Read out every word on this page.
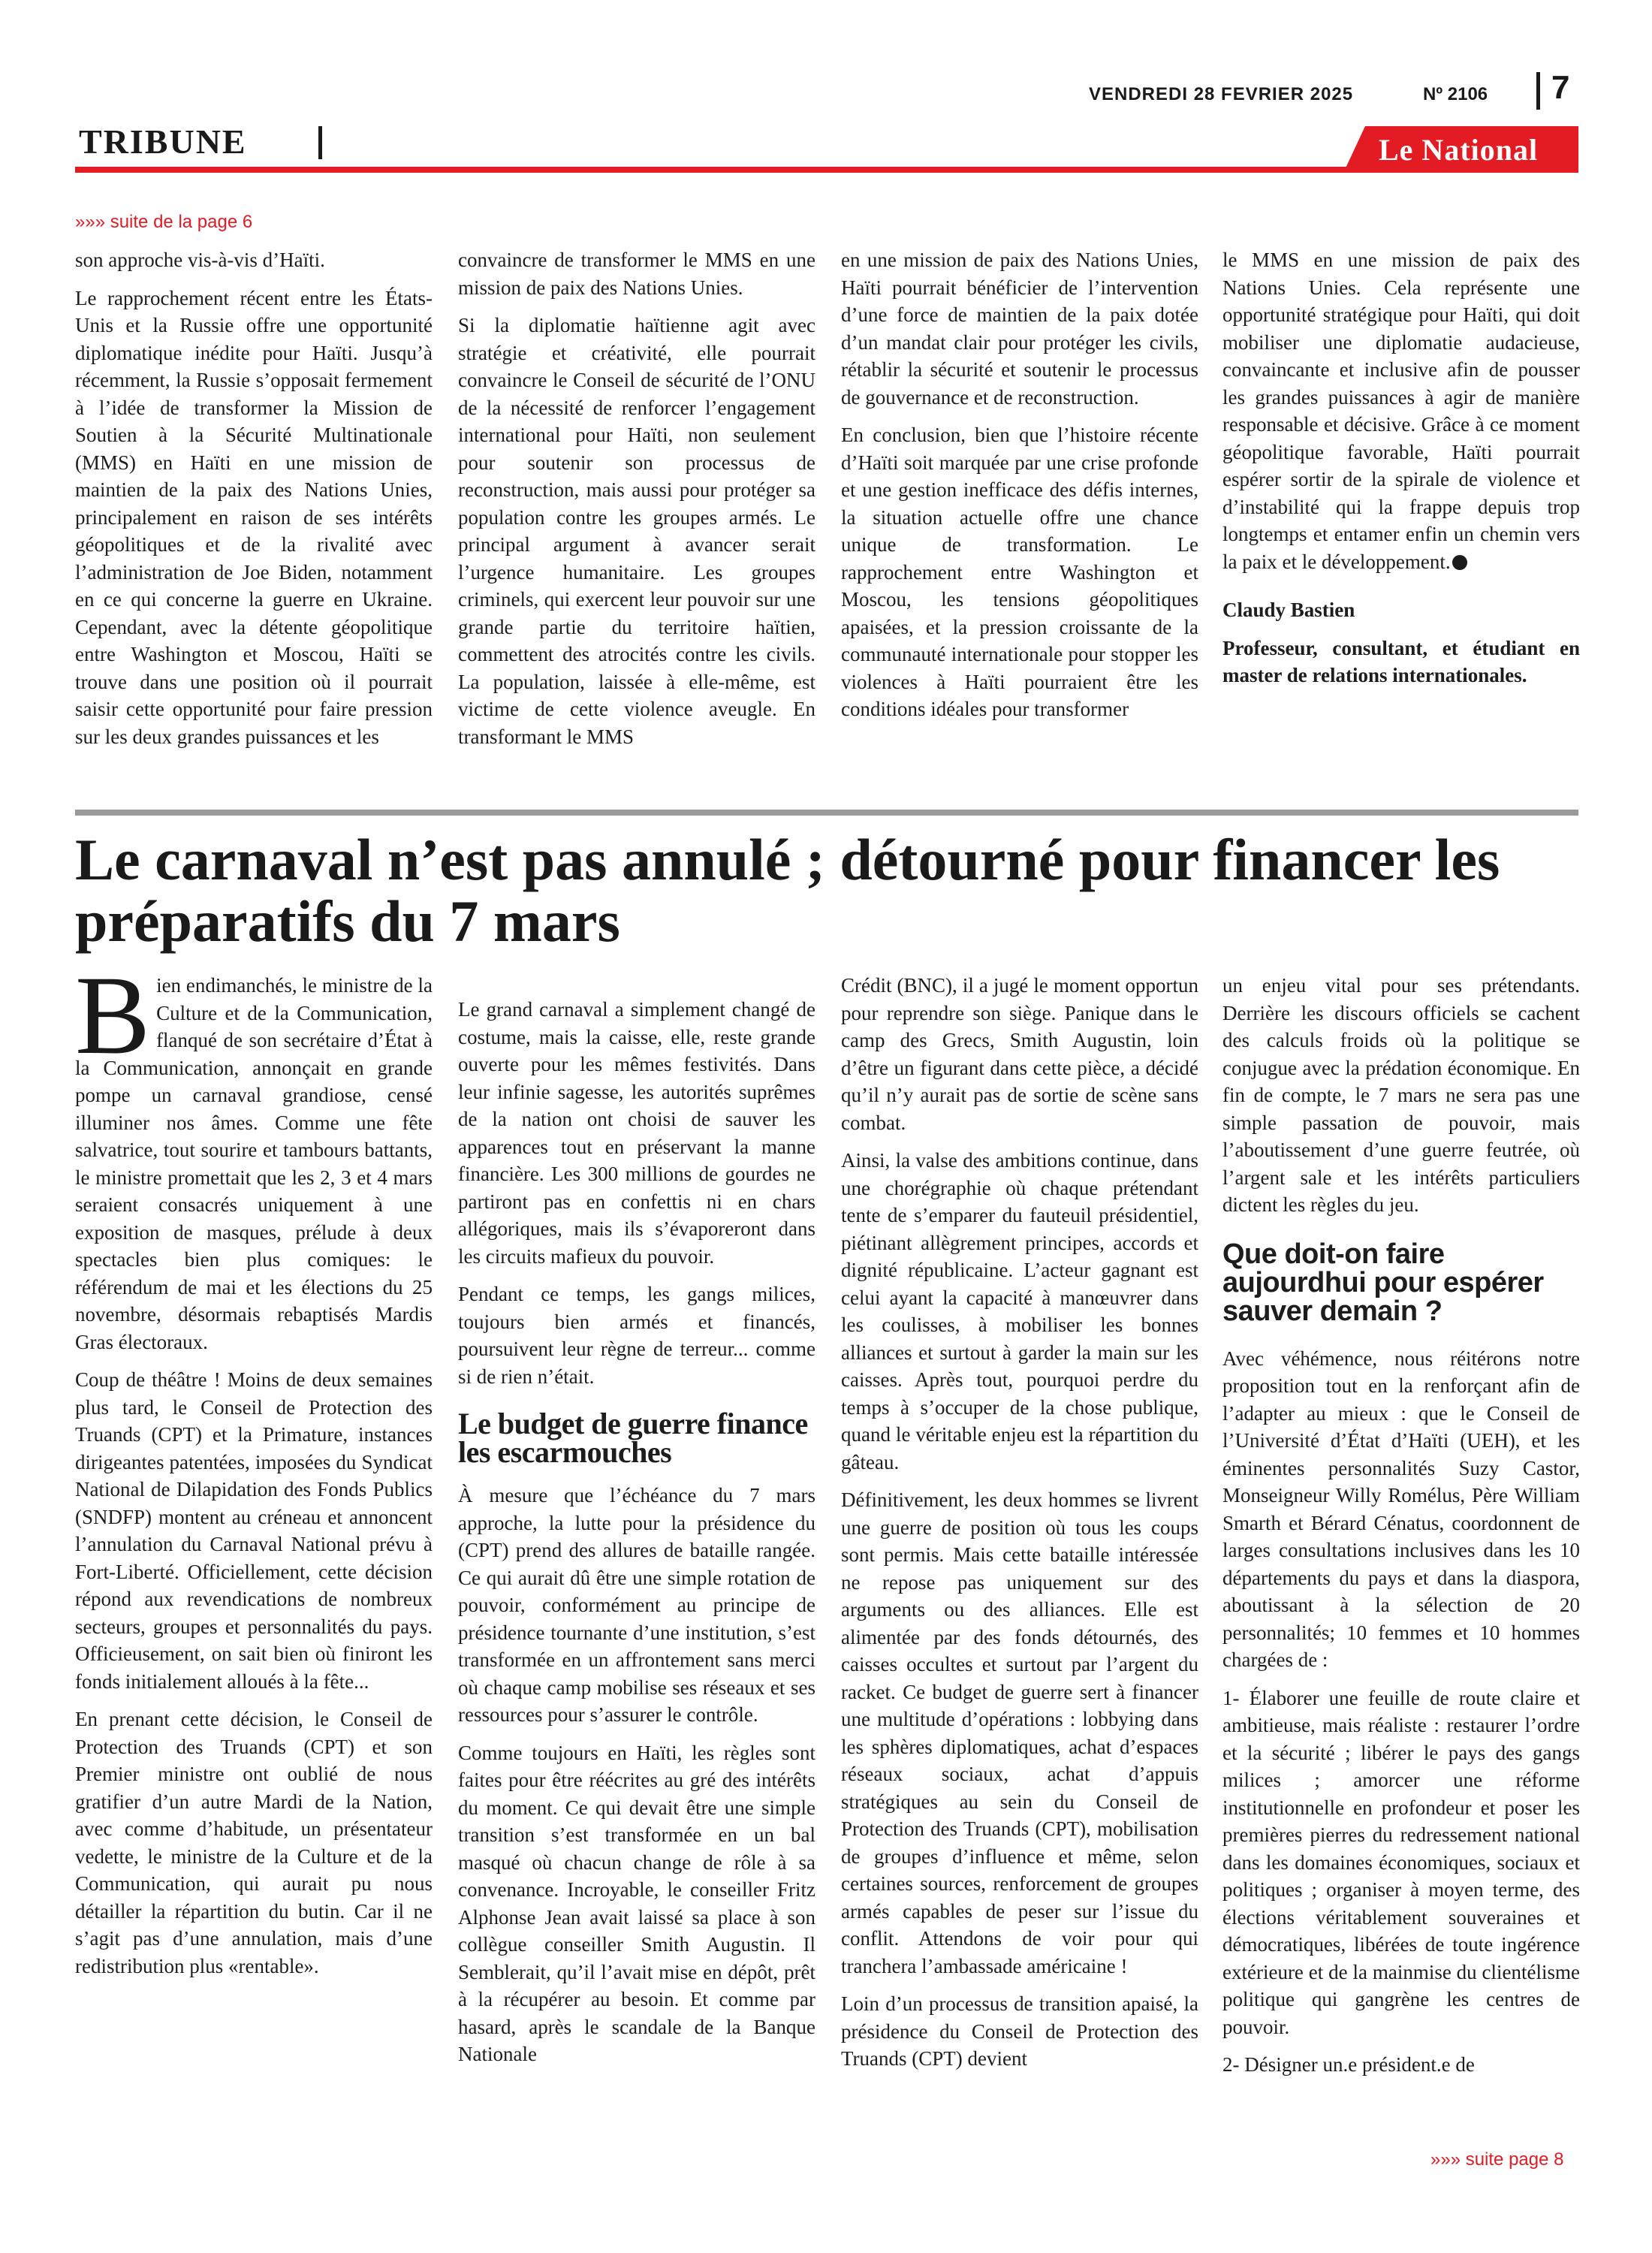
VENDREDI 28 FEVRIER 2025	Nº 2106 7
TRIBUNE	Le National
»»» suite de la page 6

son approche vis-à-vis d’Haïti.

Le rapprochement récent entre les États-Unis et la Russie offre une opportunité diplomatique inédite pour Haïti. Jusqu’à récemment, la Russie s’opposait fermement à l’idée de transformer la Mission de Soutien à la Sécurité Multinationale (MMS) en Haïti en une mission de maintien de la paix des Nations Unies, principalement en raison de ses intérêts géopolitiques et de la rivalité avec l’administration de Joe Biden, notamment en ce qui concerne la guerre en Ukraine. Cependant, avec la détente géopolitique entre Washington et Moscou, Haïti se trouve dans une position où il pourrait saisir cette opportunité pour faire pression sur les deux grandes puissances et les

convaincre de transformer le MMS en une mission de paix des Nations Unies.

Si la diplomatie haïtienne agit avec stratégie et créativité, elle pourrait convaincre le Conseil de sécurité de l’ONU de la nécessité de renforcer l’engagement international pour Haïti, non seulement pour soutenir son processus de reconstruction, mais aussi pour protéger sa population contre les groupes armés. Le principal argument à avancer serait l’urgence humanitaire. Les groupes criminels, qui exercent leur pouvoir sur une grande partie du territoire haïtien, commettent des atrocités contre les civils. La population, laissée à elle-même, est victime de cette violence aveugle. En transformant le MMS

en une mission de paix des Nations Unies, Haïti pourrait bénéficier de l’intervention d’une force de maintien de la paix dotée d’un mandat clair pour protéger les civils, rétablir la sécurité et soutenir le processus de gouvernance et de reconstruction.

En conclusion, bien que l’histoire récente d’Haïti soit marquée par une crise profonde et une gestion inefficace des défis internes, la situation actuelle offre une chance unique de transformation. Le rapprochement entre Washington et Moscou, les tensions géopolitiques apaisées, et la pression croissante de la communauté internationale pour stopper les violences à Haïti pourraient être les conditions idéales pour transformer

le MMS en une mission de paix des Nations Unies. Cela représente une opportunité stratégique pour Haïti, qui doit mobiliser une diplomatie audacieuse, convaincante et inclusive afin de pousser les grandes puissances à agir de manière responsable et décisive. Grâce à ce moment géopolitique favorable, Haïti pourrait espérer sortir de la spirale de violence et d’instabilité qui la frappe depuis trop longtemps et entamer enfin un chemin vers la paix et le développement.

Claudy Bastien

Professeur, consultant, et étudiant en master de relations internationales.

Le carnaval n’est pas annulé ; détourné pour financer les préparatifs du 7 mars

Bien endimanchés, le ministre de la Culture et de la Communication, flanqué de son secrétaire d’État à la Communication, annonçait en grande pompe un carnaval grandiose, censé illuminer nos âmes. Comme une fête salvatrice, tout sourire et tambours battants, le ministre promettait que les 2, 3 et 4 mars seraient consacrés uniquement à une exposition de masques, prélude à deux spectacles bien plus comiques: le référendum de mai et les élections du 25 novembre, désormais rebaptisés Mardis Gras électoraux.

Coup de théâtre ! Moins de deux semaines plus tard, le Conseil de Protection des Truands (CPT) et la Primature, instances dirigeantes patentées, imposées du Syndicat National de Dilapidation des Fonds Publics (SNDFP) montent au créneau et annoncent l’annulation du Carnaval National prévu à Fort-Liberté. Officiellement, cette décision répond aux revendications de nombreux secteurs, groupes et personnalités du pays. Officieusement, on sait bien où finiront les fonds initialement alloués à la fête...

En prenant cette décision, le Conseil de Protection des Truands (CPT) et son Premier ministre ont oublié de nous gratifier d’un autre Mardi de la Nation, avec comme d’habitude, un présentateur vedette, le ministre de la Culture et de la Communication, qui aurait pu nous détailler la répartition du butin. Car il ne s’agit pas d’une annulation, mais d’une redistribution plus «rentable».

Le grand carnaval a simplement changé de costume, mais la caisse, elle, reste grande ouverte pour les mêmes festivités. Dans leur infinie sagesse, les autorités suprêmes de la nation ont choisi de sauver les apparences tout en préservant la manne financière. Les 300 millions de gourdes ne partiront pas en confettis ni en chars allégoriques, mais ils s’évaporeront dans les circuits mafieux du pouvoir.

Pendant ce temps, les gangs milices, toujours bien armés et financés, poursuivent leur règne de terreur... comme si de rien n’était.

Le budget de guerre finance les escarmouches

À mesure que l’échéance du 7 mars approche, la lutte pour la présidence du (CPT) prend des allures de bataille rangée. Ce qui aurait dû être une simple rotation de pouvoir, conformément au principe de présidence tournante d’une institution, s’est transformée en un affrontement sans merci où chaque camp mobilise ses réseaux et ses ressources pour s’assurer le contrôle.

Comme toujours en Haïti, les règles sont faites pour être réécrites au gré des intérêts du moment. Ce qui devait être une simple transition s’est transformée en un bal masqué où chacun change de rôle à sa convenance. Incroyable, le conseiller Fritz Alphonse Jean avait laissé sa place à son collègue conseiller Smith Augustin. Il Semblerait, qu’il l’avait mise en dépôt, prêt à la récupérer au besoin. Et comme par hasard, après le scandale de la Banque Nationale

Crédit (BNC), il a jugé le moment opportun pour reprendre son siège. Panique dans le camp des Grecs, Smith Augustin, loin d’être un figurant dans cette pièce, a décidé qu’il n’y aurait pas de sortie de scène sans combat.

Ainsi, la valse des ambitions continue, dans une chorégraphie où chaque prétendant tente de s’emparer du fauteuil présidentiel, piétinant allègrement principes, accords et dignité républicaine. L’acteur gagnant est celui ayant la capacité à manœuvrer dans les coulisses, à mobiliser les bonnes alliances et surtout à garder la main sur les caisses. Après tout, pourquoi perdre du temps à s’occuper de la chose publique, quand le véritable enjeu est la répartition du gâteau.

Définitivement, les deux hommes se livrent une guerre de position où tous les coups sont permis. Mais cette bataille intéressée ne repose pas uniquement sur des arguments ou des alliances. Elle est alimentée par des fonds détournés, des caisses occultes et surtout par l’argent du racket. Ce budget de guerre sert à financer une multitude d’opérations : lobbying dans les sphères diplomatiques, achat d’espaces réseaux sociaux, achat d’appuis stratégiques au sein du Conseil de Protection des Truands (CPT), mobilisation de groupes d’influence et même, selon certaines sources, renforcement de groupes armés capables de peser sur l’issue du conflit. Attendons de voir pour qui tranchera l’ambassade américaine !

Loin d’un processus de transition apaisé, la présidence du Conseil de Protection des Truands (CPT) devient

un enjeu vital pour ses prétendants. Derrière les discours officiels se cachent des calculs froids où la politique se conjugue avec la prédation économique. En fin de compte, le 7 mars ne sera pas une simple passation de pouvoir, mais l’aboutissement d’une guerre feutrée, où l’argent sale et les intérêts particuliers dictent les règles du jeu.

Que doit-on faire aujourdhui pour espérer sauver demain ?

Avec véhémence, nous réitérons notre proposition tout en la renforçant afin de l’adapter au mieux : que le Conseil de l’Université d’État d’Haïti (UEH), et les éminentes personnalités Suzy Castor, Monseigneur Willy Romélus, Père William Smarth et Bérard Cénatus, coordonnent de larges consultations inclusives dans les 10 départements du pays et dans la diaspora, aboutissant à la sélection de 20 personnalités; 10 femmes et 10 hommes chargées de :

1- Élaborer une feuille de route claire et ambitieuse, mais réaliste : restaurer l’ordre et la sécurité ; libérer le pays des gangs milices ; amorcer une réforme institutionnelle en profondeur et poser les premières pierres du redressement national dans les domaines économiques, sociaux et politiques ; organiser à moyen terme, des élections véritablement souveraines et démocratiques, libérées de toute ingérence extérieure et de la mainmise du clientélisme politique qui gangrène les centres de pouvoir.

2- Désigner un.e président.e de

»»» suite page 8
